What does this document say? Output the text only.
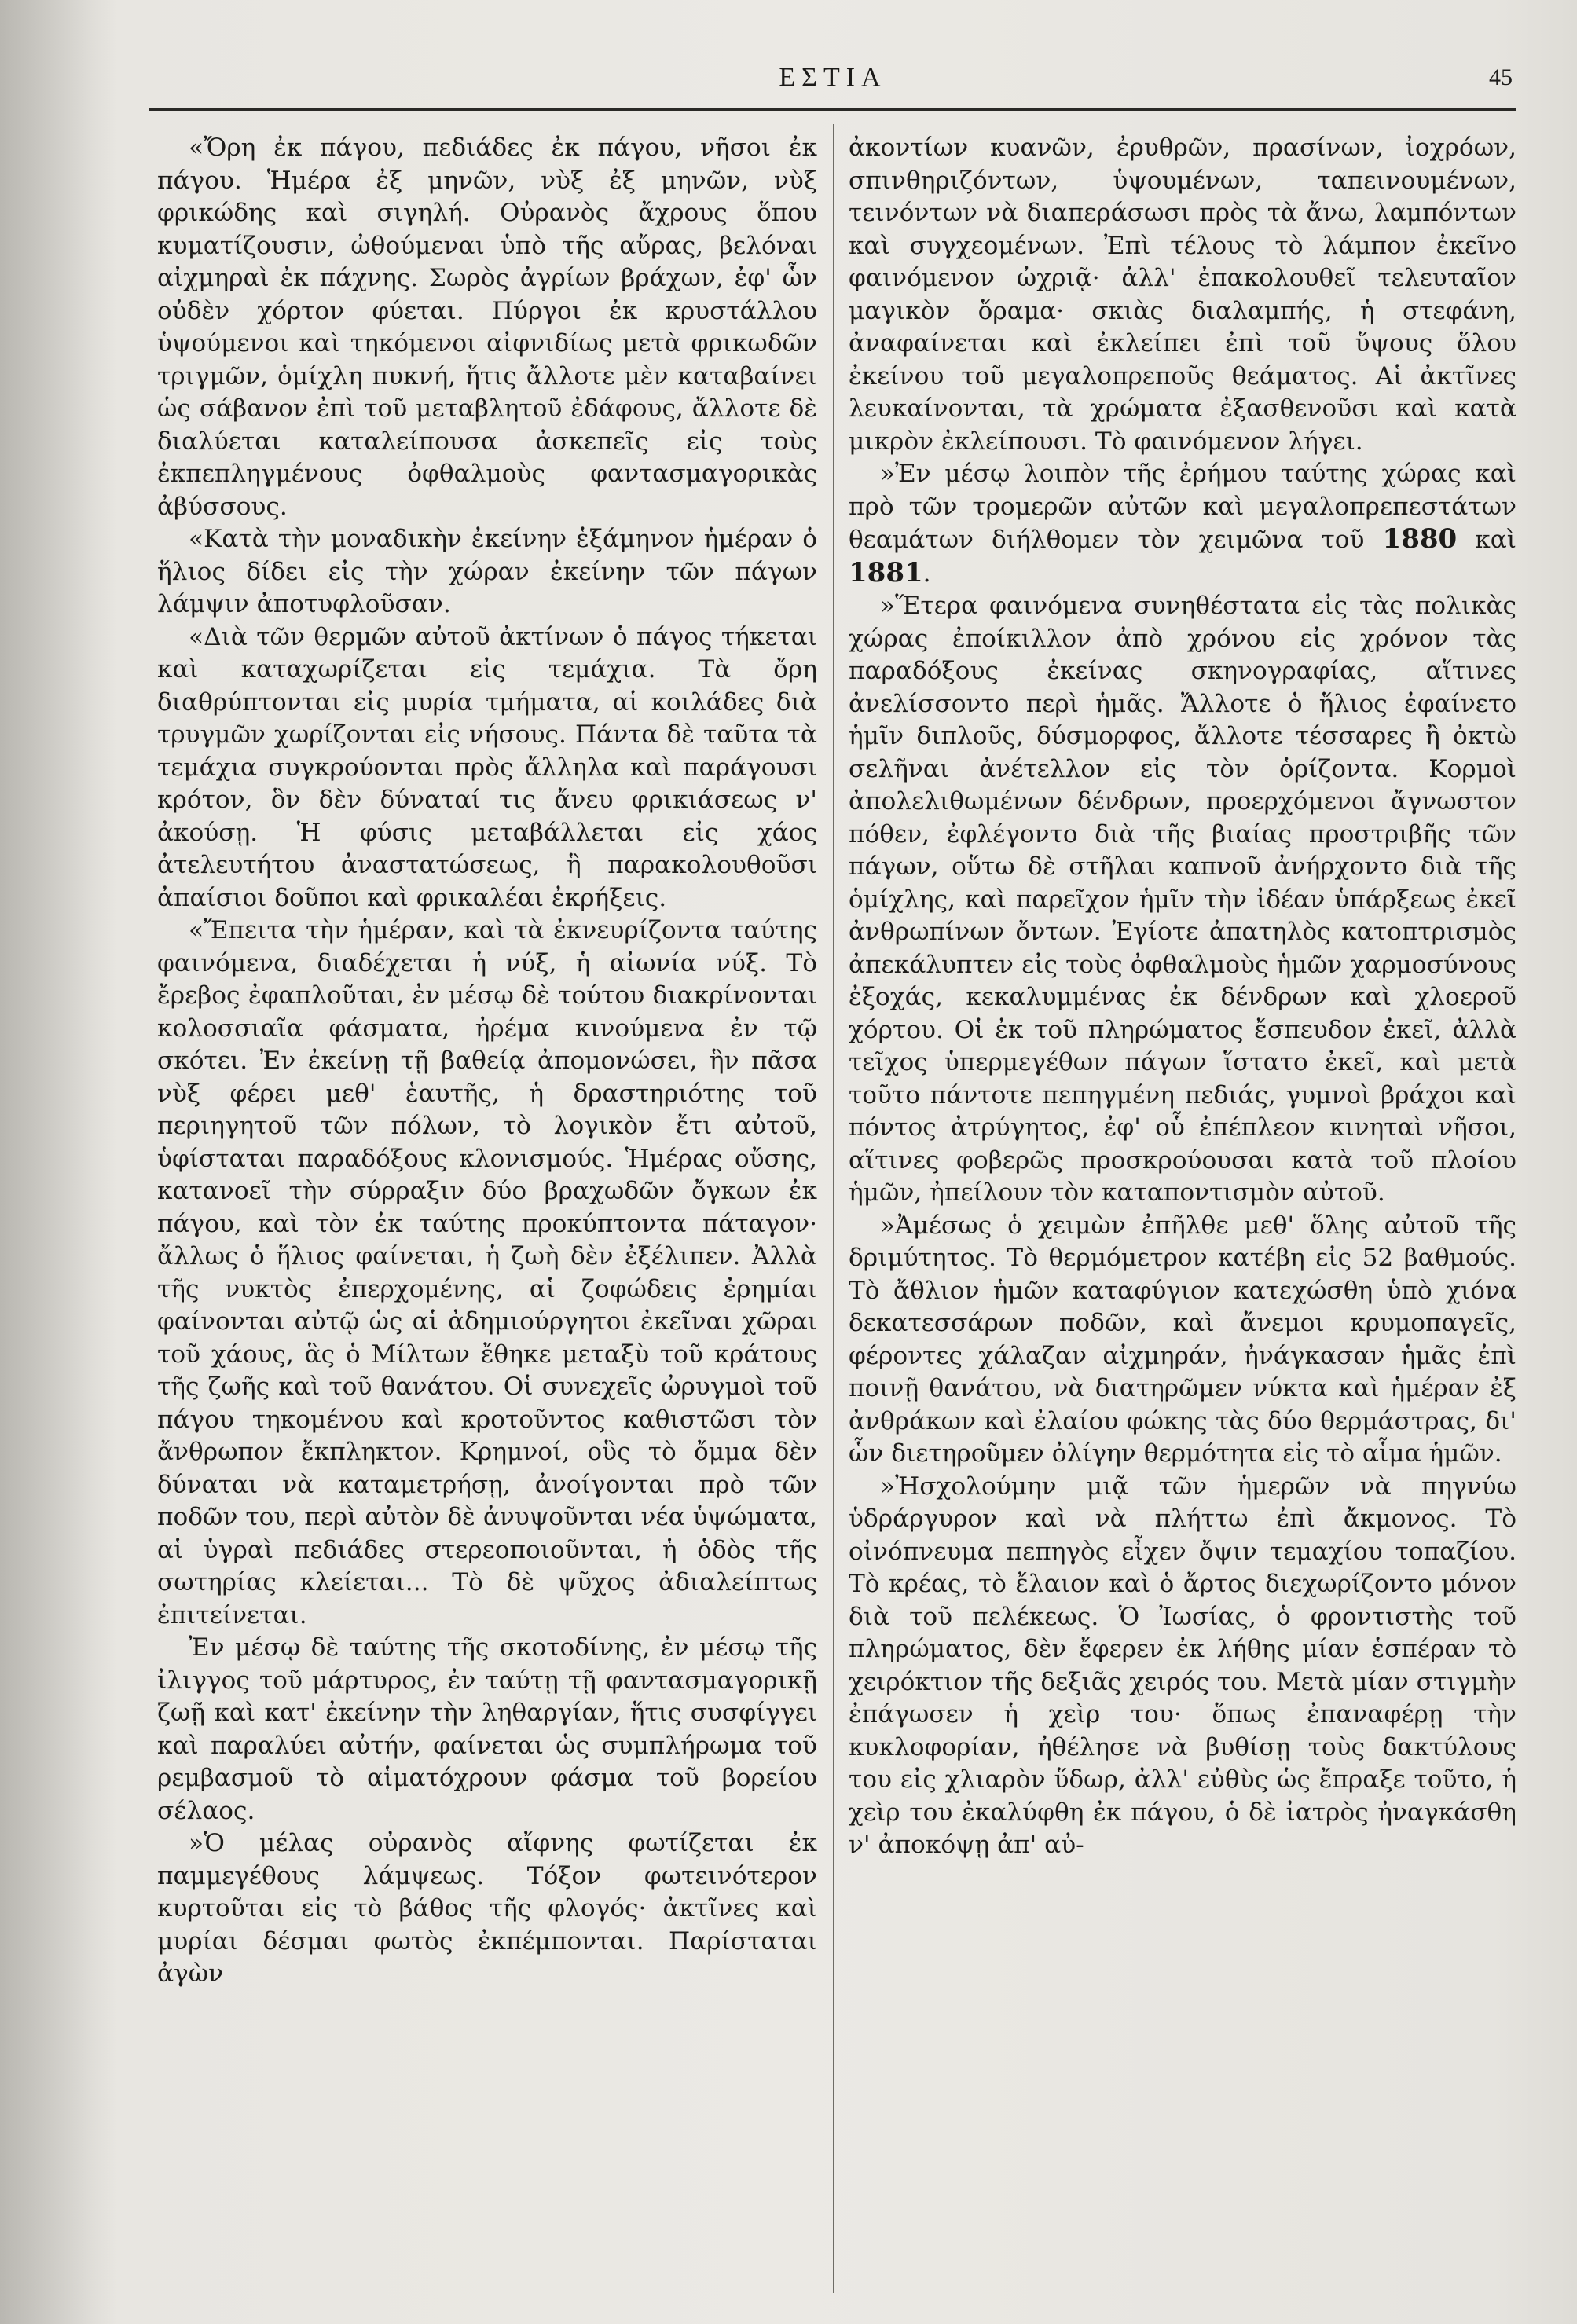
ΕΣΤΙΑ	45

«Ὄρη ἐκ πάγου, πεδιάδες ἐκ πάγου, νῆσοι ἐκ πάγου. Ἡμέρα ἐξ μηνῶν, νὺξ ἐξ μηνῶν, νὺξ φρικώδης καὶ σιγηλή. Οὐρανὸς ἄχρους ὅπου κυματίζουσιν, ὠθούμεναι ὑπὸ τῆς αὔρας, βελόναι αἰχμηραὶ ἐκ πάχνης. Σωρὸς ἀγρίων βράχων, ἐφ' ὧν οὐδὲν χόρτον φύεται. Πύργοι ἐκ κρυστάλλου ὑψούμενοι καὶ τηκόμενοι αἰφνιδίως μετὰ φρικωδῶν τριγμῶν, ὁμίχλη πυκνή, ἥτις ἄλλοτε μὲν καταβαίνει ὡς σάβανον ἐπὶ τοῦ μεταβλητοῦ ἐδάφους, ἄλλοτε δὲ διαλύεται καταλείπουσα ἀσκεπεῖς εἰς τοὺς ἐκπεπληγμένους ὀφθαλμοὺς φαντασμαγορικὰς ἀβύσσους.

«Κατὰ τὴν μοναδικὴν ἐκείνην ἑξάμηνον ἡμέραν ὁ ἥλιος δίδει εἰς τὴν χώραν ἐκείνην τῶν πάγων λάμψιν ἀποτυφλοῦσαν.

«Διὰ τῶν θερμῶν αὐτοῦ ἀκτίνων ὁ πάγος τήκεται καὶ καταχωρίζεται εἰς τεμάχια. Τὰ ὄρη διαθρύπτονται εἰς μυρία τμήματα, αἱ κοιλάδες διὰ τρυγμῶν χωρίζονται εἰς νήσους. Πάντα δὲ ταῦτα τὰ τεμάχια συγκρούονται πρὸς ἄλληλα καὶ παράγουσι κρότον, ὃν δὲν δύναταί τις ἄνευ φρικιάσεως ν' ἀκούσῃ. Ἡ φύσις μεταβάλλεται εἰς χάος ἀτελευτήτου ἀναστατώσεως, ἣ παρακολουθοῦσι ἀπαίσιοι δοῦποι καὶ φρικαλέαι ἐκρήξεις.

«Ἔπειτα τὴν ἡμέραν, καὶ τὰ ἐκνευρίζοντα ταύτης φαινόμενα, διαδέχεται ἡ νύξ, ἡ αἰωνία νύξ. Τὸ ἔρεβος ἐφαπλοῦται, ἐν μέσῳ δὲ τούτου διακρίνονται κολοσσιαῖα φάσματα, ἠρέμα κινούμενα ἐν τῷ σκότει. Ἐν ἐκείνῃ τῇ βαθείᾳ ἀπομονώσει, ἣν πᾶσα νὺξ φέρει μεθ' ἑαυτῆς, ἡ δραστηριότης τοῦ περιηγητοῦ τῶν πόλων, τὸ λογικὸν ἔτι αὐτοῦ, ὑφίσταται παραδόξους κλονισμούς. Ἡμέρας οὔσης, κατανοεῖ τὴν σύρραξιν δύο βραχωδῶν ὄγκων ἐκ πάγου, καὶ τὸν ἐκ ταύτης προκύπτοντα πάταγον· ἄλλως ὁ ἥλιος φαίνεται, ἡ ζωὴ δὲν ἐξέλιπεν. Ἀλλὰ τῆς νυκτὸς ἐπερχομένης, αἱ ζοφώδεις ἐρημίαι φαίνονται αὐτῷ ὡς αἱ ἀδημιούργητοι ἐκεῖναι χῶραι τοῦ χάους, ἃς ὁ Μίλτων ἔθηκε μεταξὺ τοῦ κράτους τῆς ζωῆς καὶ τοῦ θανάτου. Οἱ συνεχεῖς ὠρυγμοὶ τοῦ πάγου τηκομένου καὶ κροτοῦντος καθιστῶσι τὸν ἄνθρωπον ἔκπληκτον. Κρημνοί, οὓς τὸ ὄμμα δὲν δύναται νὰ καταμετρήσῃ, ἀνοίγονται πρὸ τῶν ποδῶν του, περὶ αὐτὸν δὲ ἀνυψοῦνται νέα ὑψώματα, αἱ ὑγραὶ πεδιάδες στερεοποιοῦνται, ἡ ὁδὸς τῆς σωτηρίας κλείεται... Τὸ δὲ ψῦχος ἀδιαλείπτως ἐπιτείνεται.

Ἐν μέσῳ δὲ ταύτης τῆς σκοτοδίνης, ἐν μέσῳ τῆς ἰλιγγος τοῦ μάρτυρος, ἐν ταύτῃ τῇ φαντασμαγορικῇ ζωῇ καὶ κατ' ἐκείνην τὴν ληθαργίαν, ἥτις συσφίγγει καὶ παραλύει αὐτήν, φαίνεται ὡς συμπλήρωμα τοῦ ρεμβασμοῦ τὸ αἱματόχρουν φάσμα τοῦ βορείου σέλαος.

»Ὁ μέλας οὐρανὸς αἴφνης φωτίζεται ἐκ παμμεγέθους λάμψεως. Τόξον φωτεινότερον κυρτοῦται εἰς τὸ βάθος τῆς φλογός· ἀκτῖνες καὶ μυρίαι δέσμαι φωτὸς ἐκπέμπονται. Παρίσταται ἀγὼν

ἀκοντίων κυανῶν, ἐρυθρῶν, πρασίνων, ἰοχρόων, σπινθηριζόντων, ὑψουμένων, ταπεινουμένων, τεινόντων νὰ διαπεράσωσι πρὸς τὰ ἄνω, λαμπόντων καὶ συγχεομένων. Ἐπὶ τέλους τὸ λάμπον ἐκεῖνο φαινόμενον ὠχριᾷ· ἀλλ' ἐπακολουθεῖ τελευταῖον μαγικὸν ὅραμα· σκιὰς διαλαμπής, ἡ στεφάνη, ἀναφαίνεται καὶ ἐκλείπει ἐπὶ τοῦ ὕψους ὅλου ἐκείνου τοῦ μεγαλοπρεποῦς θεάματος. Αἱ ἀκτῖνες λευκαίνονται, τὰ χρώματα ἐξασθενοῦσι καὶ κατὰ μικρὸν ἐκλείπουσι. Τὸ φαινόμενον λήγει.

»Ἐν μέσῳ λοιπὸν τῆς ἐρήμου ταύτης χώρας καὶ πρὸ τῶν τρομερῶν αὐτῶν καὶ μεγαλοπρεπεστάτων θεαμάτων διήλθομεν τὸν χειμῶνα τοῦ 1880 καὶ 1881.

»Ἕτερα φαινόμενα συνηθέστατα εἰς τὰς πολικὰς χώρας ἐποίκιλλον ἀπὸ χρόνου εἰς χρόνον τὰς παραδόξους ἐκείνας σκηνογραφίας, αἵτινες ἀνελίσσοντο περὶ ἡμᾶς. Ἄλλοτε ὁ ἥλιος ἐφαίνετο ἡμῖν διπλοῦς, δύσμορφος, ἄλλοτε τέσσαρες ἢ ὀκτὼ σελῆναι ἀνέτελλον εἰς τὸν ὁρίζοντα. Κορμοὶ ἀπολελιθωμένων δένδρων, προερχόμενοι ἄγνωστον πόθεν, ἐφλέγοντο διὰ τῆς βιαίας προστριβῆς τῶν πάγων, οὕτω δὲ στῆλαι καπνοῦ ἀνήρχοντο διὰ τῆς ὁμίχλης, καὶ παρεῖχον ἡμῖν τὴν ἰδέαν ὑπάρξεως ἐκεῖ ἀνθρωπίνων ὄντων. Ἐγίοτε ἀπατηλὸς κατοπτρισμὸς ἀπεκάλυπτεν εἰς τοὺς ὀφθαλμοὺς ἡμῶν χαρμοσύνους ἐξοχάς, κεκαλυμμένας ἐκ δένδρων καὶ χλοεροῦ χόρτου. Οἱ ἐκ τοῦ πληρώματος ἔσπευδον ἐκεῖ, ἀλλὰ τεῖχος ὑπερμεγέθων πάγων ἵστατο ἐκεῖ, καὶ μετὰ τοῦτο πάντοτε πεπηγμένη πεδιάς, γυμνοὶ βράχοι καὶ πόντος ἀτρύγητος, ἐφ' οὗ ἐπέπλεον κινηταὶ νῆσοι, αἵτινες φοβερῶς προσκρούουσαι κατὰ τοῦ πλοίου ἡμῶν, ἠπείλουν τὸν καταποντισμὸν αὐτοῦ.

»Ἀμέσως ὁ χειμὼν ἐπῆλθε μεθ' ὅλης αὐτοῦ τῆς δριμύτητος. Τὸ θερμόμετρον κατέβη εἰς 52 βαθμούς. Τὸ ἄθλιον ἡμῶν καταφύγιον κατεχώσθη ὑπὸ χιόνα δεκατεσσάρων ποδῶν, καὶ ἄνεμοι κρυμοπαγεῖς, φέροντες χάλαζαν αἰχμηράν, ἠνάγκασαν ἡμᾶς ἐπὶ ποινῇ θανάτου, νὰ διατηρῶμεν νύκτα καὶ ἡμέραν ἐξ ἀνθράκων καὶ ἐλαίου φώκης τὰς δύο θερμάστρας, δι' ὧν διετηροῦμεν ὀλίγην θερμότητα εἰς τὸ αἷμα ἡμῶν.

»Ἠσχολούμην μιᾷ τῶν ἡμερῶν νὰ πηγνύω ὑδράργυρον καὶ νὰ πλήττω ἐπὶ ἄκμονος. Τὸ οἰνόπνευμα πεπηγὸς εἶχεν ὄψιν τεμαχίου τοπαζίου. Τὸ κρέας, τὸ ἔλαιον καὶ ὁ ἄρτος διεχωρίζοντο μόνον διὰ τοῦ πελέκεως. Ὁ Ἰωσίας, ὁ φροντιστὴς τοῦ πληρώματος, δὲν ἔφερεν ἐκ λήθης μίαν ἑσπέραν τὸ χειρόκτιον τῆς δεξιᾶς χειρός του. Μετὰ μίαν στιγμὴν ἐπάγωσεν ἡ χεὶρ του· ὅπως ἐπαναφέρῃ τὴν κυκλοφορίαν, ἠθέλησε νὰ βυθίσῃ τοὺς δακτύλους του εἰς χλιαρὸν ὕδωρ, ἀλλ' εὐθὺς ὡς ἔπραξε τοῦτο, ἡ χεὶρ του ἐκαλύφθη ἐκ πάγου, ὁ δὲ ἰατρὸς ἠναγκάσθη ν' ἀποκόψῃ ἀπ' αὐ-
